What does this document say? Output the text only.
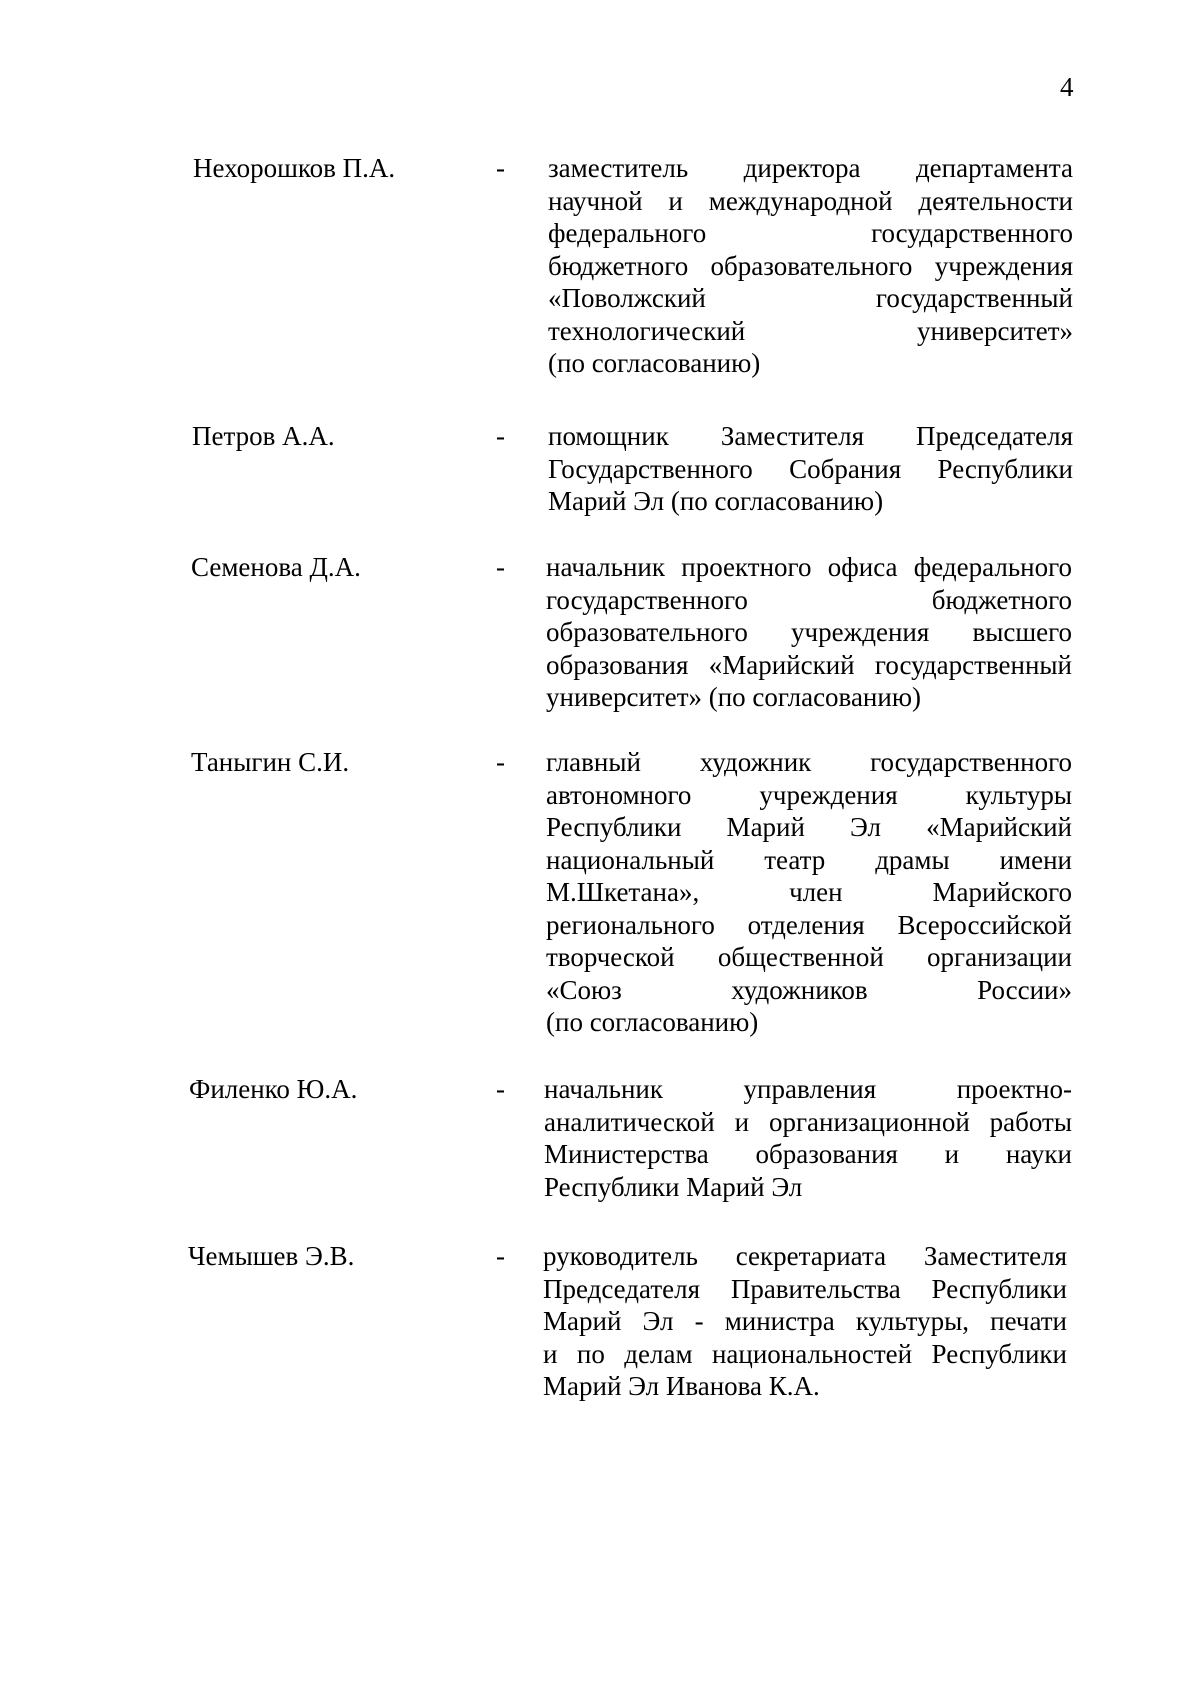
4
Нехорошков П.А.	- заместитель директора департамента
научной и международной деятельности
федерального государственного
бюджетного образовательного учреждения
«Поволжский государственный
технологический университет»
(по согласованию)
Петров А.А.	- помощник Заместителя Председателя
Государственного Собрания Республики
Марий Эл (по согласованию)
Семенова Д.А.	- начальник проектного офиса федерального
государственного бюджетного
образовательного учреждения высшего
образования «Марийский государственный
университет» (по согласованию)
Таныгин С.И.	- главный художник государственного
автономного учреждения культуры
Республики Марий Эл «Марийский
национальный театр драмы имени
М.Шкетана», член Марийского
регионального отделения Всероссийской
творческой общественной организации
«Союз художников России»
(по согласованию)
Филенко Ю.А.	- начальник управления проектно-
аналитической и организационной работы
Министерства образования и науки
Республики Марий Эл
Чемышев Э.В.	- руководитель секретариата Заместителя
Председателя Правительства Республики
Марий Эл - министра культуры, печати
и по делам национальностей Республики
Марий Эл Иванова К.А.
